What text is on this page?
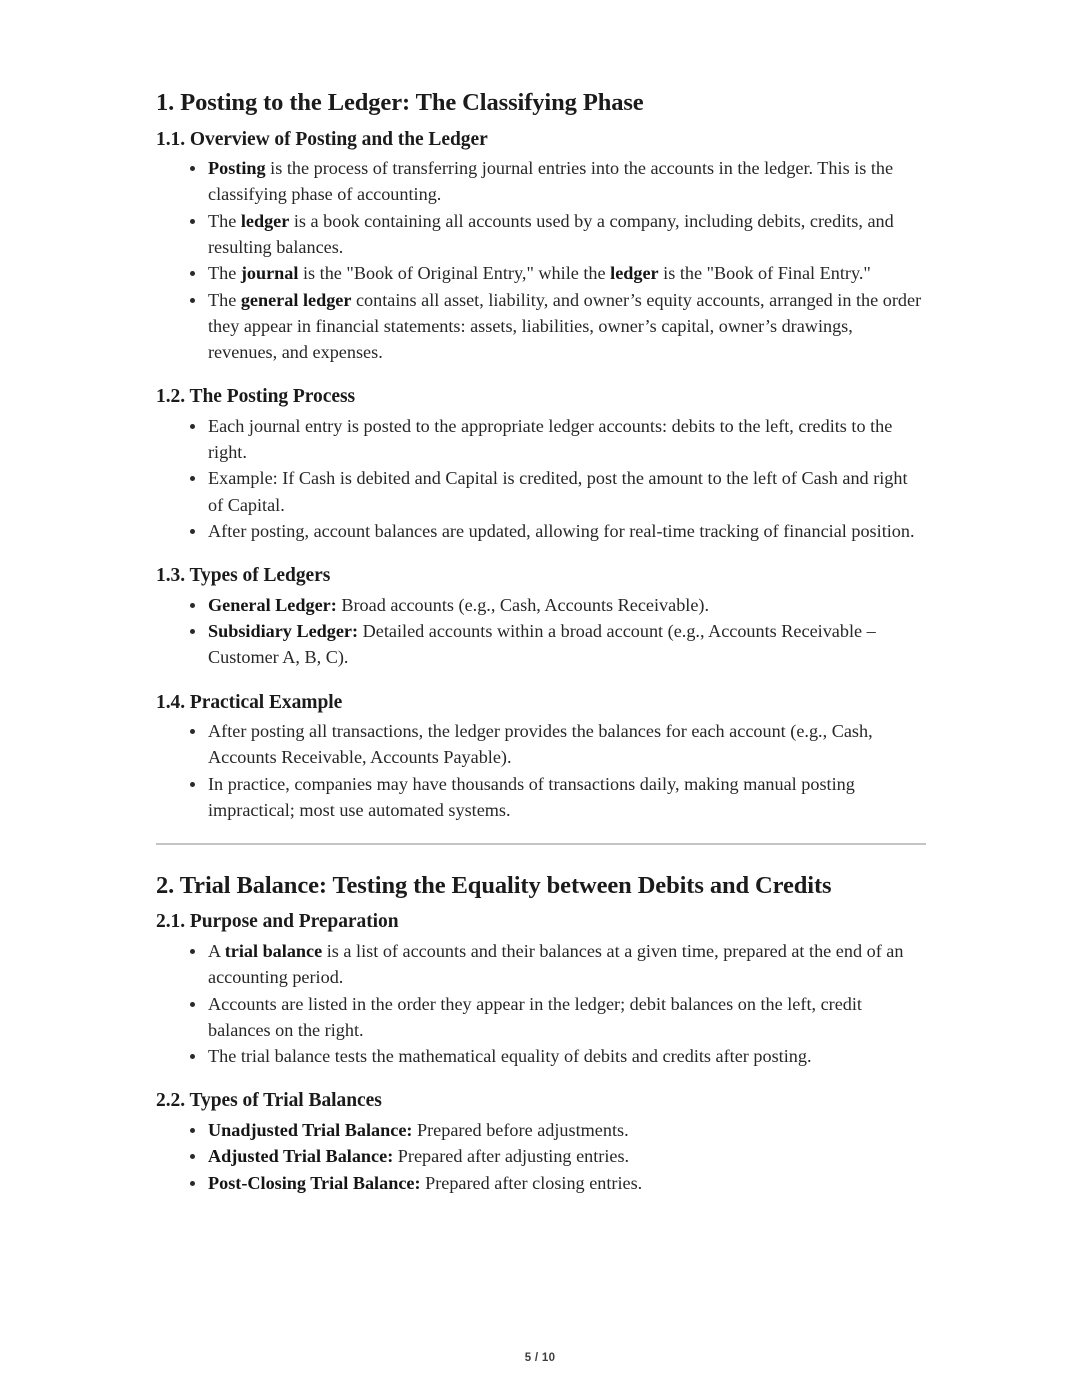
1. Posting to the Ledger: The Classifying Phase
1.1. Overview of Posting and the Ledger
Posting is the process of transferring journal entries into the accounts in the ledger. This is the classifying phase of accounting.
The ledger is a book containing all accounts used by a company, including debits, credits, and resulting balances.
The journal is the "Book of Original Entry," while the ledger is the "Book of Final Entry."
The general ledger contains all asset, liability, and owner’s equity accounts, arranged in the order they appear in financial statements: assets, liabilities, owner’s capital, owner’s drawings, revenues, and expenses.
1.2. The Posting Process
Each journal entry is posted to the appropriate ledger accounts: debits to the left, credits to the right.
Example: If Cash is debited and Capital is credited, post the amount to the left of Cash and right of Capital.
After posting, account balances are updated, allowing for real-time tracking of financial position.
1.3. Types of Ledgers
General Ledger: Broad accounts (e.g., Cash, Accounts Receivable).
Subsidiary Ledger: Detailed accounts within a broad account (e.g., Accounts Receivable – Customer A, B, C).
1.4. Practical Example
After posting all transactions, the ledger provides the balances for each account (e.g., Cash, Accounts Receivable, Accounts Payable).
In practice, companies may have thousands of transactions daily, making manual posting impractical; most use automated systems.
2. Trial Balance: Testing the Equality between Debits and Credits
2.1. Purpose and Preparation
A trial balance is a list of accounts and their balances at a given time, prepared at the end of an accounting period.
Accounts are listed in the order they appear in the ledger; debit balances on the left, credit balances on the right.
The trial balance tests the mathematical equality of debits and credits after posting.
2.2. Types of Trial Balances
Unadjusted Trial Balance: Prepared before adjustments.
Adjusted Trial Balance: Prepared after adjusting entries.
Post-Closing Trial Balance: Prepared after closing entries.
5 / 10
